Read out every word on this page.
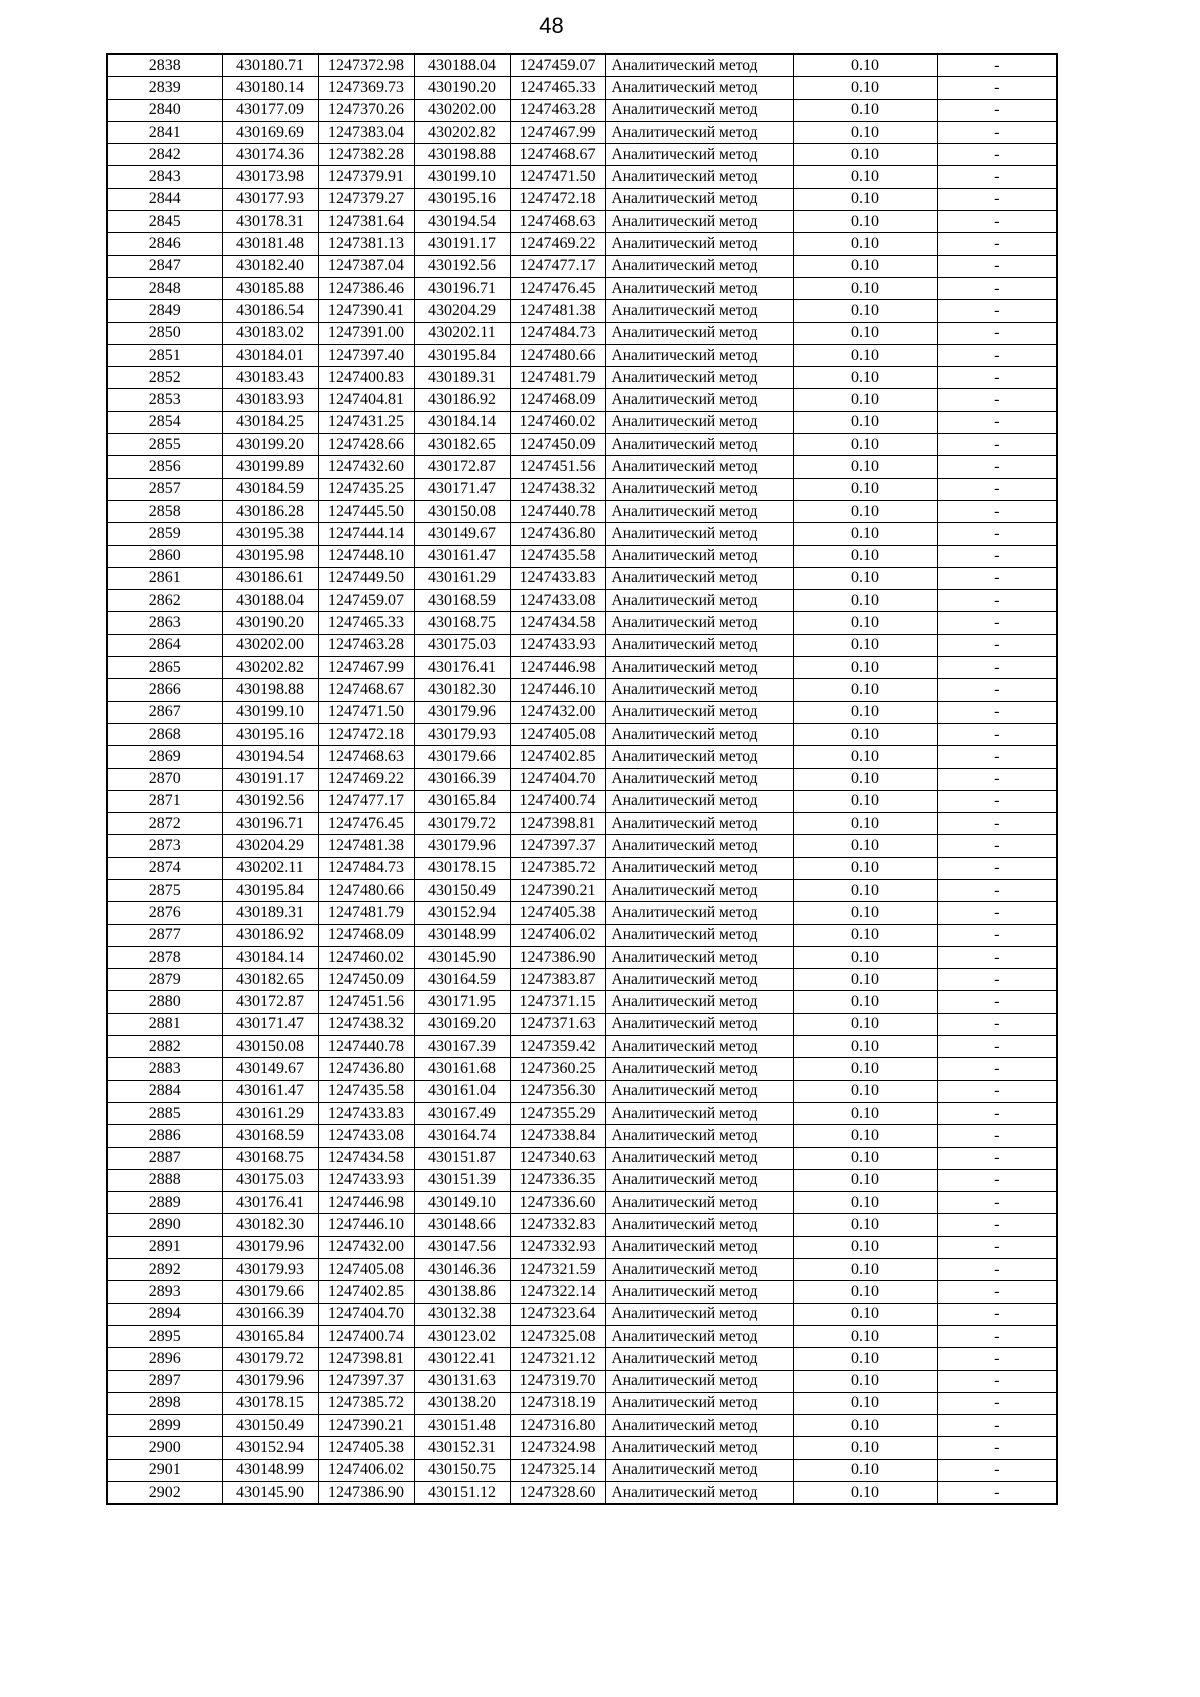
48
2838	430180.71	1247372.98	430188.04	1247459.07	Аналитический метод	0.10	-
2839	430180.14	1247369.73	430190.20	1247465.33	Аналитический метод	0.10	-
2840	430177.09	1247370.26	430202.00	1247463.28	Аналитический метод	0.10	-
2841	430169.69	1247383.04	430202.82	1247467.99	Аналитический метод	0.10	-
2842	430174.36	1247382.28	430198.88	1247468.67	Аналитический метод	0.10	-
2843	430173.98	1247379.91	430199.10	1247471.50	Аналитический метод	0.10	-
2844	430177.93	1247379.27	430195.16	1247472.18	Аналитический метод	0.10	-
2845	430178.31	1247381.64	430194.54	1247468.63	Аналитический метод	0.10	-
2846	430181.48	1247381.13	430191.17	1247469.22	Аналитический метод	0.10	-
2847	430182.40	1247387.04	430192.56	1247477.17	Аналитический метод	0.10	-
2848	430185.88	1247386.46	430196.71	1247476.45	Аналитический метод	0.10	-
2849	430186.54	1247390.41	430204.29	1247481.38	Аналитический метод	0.10	-
2850	430183.02	1247391.00	430202.11	1247484.73	Аналитический метод	0.10	-
2851	430184.01	1247397.40	430195.84	1247480.66	Аналитический метод	0.10	-
2852	430183.43	1247400.83	430189.31	1247481.79	Аналитический метод	0.10	-
2853	430183.93	1247404.81	430186.92	1247468.09	Аналитический метод	0.10	-
2854	430184.25	1247431.25	430184.14	1247460.02	Аналитический метод	0.10	-
2855	430199.20	1247428.66	430182.65	1247450.09	Аналитический метод	0.10	-
2856	430199.89	1247432.60	430172.87	1247451.56	Аналитический метод	0.10	-
2857	430184.59	1247435.25	430171.47	1247438.32	Аналитический метод	0.10	-
2858	430186.28	1247445.50	430150.08	1247440.78	Аналитический метод	0.10	-
2859	430195.38	1247444.14	430149.67	1247436.80	Аналитический метод	0.10	-
2860	430195.98	1247448.10	430161.47	1247435.58	Аналитический метод	0.10	-
2861	430186.61	1247449.50	430161.29	1247433.83	Аналитический метод	0.10	-
2862	430188.04	1247459.07	430168.59	1247433.08	Аналитический метод	0.10	-
2863	430190.20	1247465.33	430168.75	1247434.58	Аналитический метод	0.10	-
2864	430202.00	1247463.28	430175.03	1247433.93	Аналитический метод	0.10	-
2865	430202.82	1247467.99	430176.41	1247446.98	Аналитический метод	0.10	-
2866	430198.88	1247468.67	430182.30	1247446.10	Аналитический метод	0.10	-
2867	430199.10	1247471.50	430179.96	1247432.00	Аналитический метод	0.10	-
2868	430195.16	1247472.18	430179.93	1247405.08	Аналитический метод	0.10	-
2869	430194.54	1247468.63	430179.66	1247402.85	Аналитический метод	0.10	-
2870	430191.17	1247469.22	430166.39	1247404.70	Аналитический метод	0.10	-
2871	430192.56	1247477.17	430165.84	1247400.74	Аналитический метод	0.10	-
2872	430196.71	1247476.45	430179.72	1247398.81	Аналитический метод	0.10	-
2873	430204.29	1247481.38	430179.96	1247397.37	Аналитический метод	0.10	-
2874	430202.11	1247484.73	430178.15	1247385.72	Аналитический метод	0.10	-
2875	430195.84	1247480.66	430150.49	1247390.21	Аналитический метод	0.10	-
2876	430189.31	1247481.79	430152.94	1247405.38	Аналитический метод	0.10	-
2877	430186.92	1247468.09	430148.99	1247406.02	Аналитический метод	0.10	-
2878	430184.14	1247460.02	430145.90	1247386.90	Аналитический метод	0.10	-
2879	430182.65	1247450.09	430164.59	1247383.87	Аналитический метод	0.10	-
2880	430172.87	1247451.56	430171.95	1247371.15	Аналитический метод	0.10	-
2881	430171.47	1247438.32	430169.20	1247371.63	Аналитический метод	0.10	-
2882	430150.08	1247440.78	430167.39	1247359.42	Аналитический метод	0.10	-
2883	430149.67	1247436.80	430161.68	1247360.25	Аналитический метод	0.10	-
2884	430161.47	1247435.58	430161.04	1247356.30	Аналитический метод	0.10	-
2885	430161.29	1247433.83	430167.49	1247355.29	Аналитический метод	0.10	-
2886	430168.59	1247433.08	430164.74	1247338.84	Аналитический метод	0.10	-
2887	430168.75	1247434.58	430151.87	1247340.63	Аналитический метод	0.10	-
2888	430175.03	1247433.93	430151.39	1247336.35	Аналитический метод	0.10	-
2889	430176.41	1247446.98	430149.10	1247336.60	Аналитический метод	0.10	-
2890	430182.30	1247446.10	430148.66	1247332.83	Аналитический метод	0.10	-
2891	430179.96	1247432.00	430147.56	1247332.93	Аналитический метод	0.10	-
2892	430179.93	1247405.08	430146.36	1247321.59	Аналитический метод	0.10	-
2893	430179.66	1247402.85	430138.86	1247322.14	Аналитический метод	0.10	-
2894	430166.39	1247404.70	430132.38	1247323.64	Аналитический метод	0.10	-
2895	430165.84	1247400.74	430123.02	1247325.08	Аналитический метод	0.10	-
2896	430179.72	1247398.81	430122.41	1247321.12	Аналитический метод	0.10	-
2897	430179.96	1247397.37	430131.63	1247319.70	Аналитический метод	0.10	-
2898	430178.15	1247385.72	430138.20	1247318.19	Аналитический метод	0.10	-
2899	430150.49	1247390.21	430151.48	1247316.80	Аналитический метод	0.10	-
2900	430152.94	1247405.38	430152.31	1247324.98	Аналитический метод	0.10	-
2901	430148.99	1247406.02	430150.75	1247325.14	Аналитический метод	0.10	-
2902	430145.90	1247386.90	430151.12	1247328.60	Аналитический метод	0.10	-
